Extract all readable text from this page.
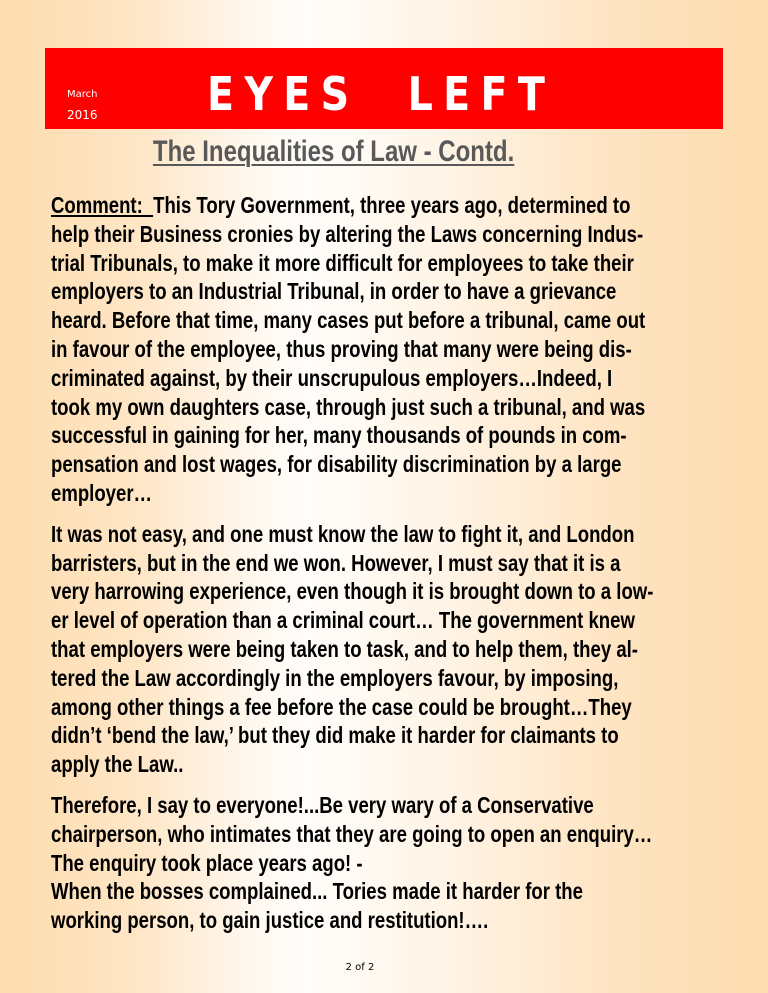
March
2016 EYES  LEFT
The Inequalities of Law - Contd.

Comment:  This Tory Government, three years ago, determined to
help their Business cronies by altering the Laws concerning Indus-
trial Tribunals, to make it more difficult for employees to take their
employers to an Industrial Tribunal, in order to have a grievance
heard. Before that time, many cases put before a tribunal, came out
in favour of the employee, thus proving that many were being dis-
criminated against, by their unscrupulous employers…Indeed, I
took my own daughters case, through just such a tribunal, and was
successful in gaining for her, many thousands of pounds in com-
pensation and lost wages, for disability discrimination by a large
employer…

It was not easy, and one must know the law to fight it, and London
barristers, but in the end we won. However, I must say that it is a
very harrowing experience, even though it is brought down to a low-
er level of operation than a criminal court… The government knew
that employers were being taken to task, and to help them, they al-
tered the Law accordingly in the employers favour, by imposing,
among other things a fee before the case could be brought…They
didn’t ‘bend the law,’ but they did make it harder for claimants to
apply the Law..

Therefore, I say to everyone!...Be very wary of a Conservative
chairperson, who intimates that they are going to open an enquiry…
The enquiry took place years ago! -
When the bosses complained... Tories made it harder for the
working person, to gain justice and restitution!….

2 of 2
